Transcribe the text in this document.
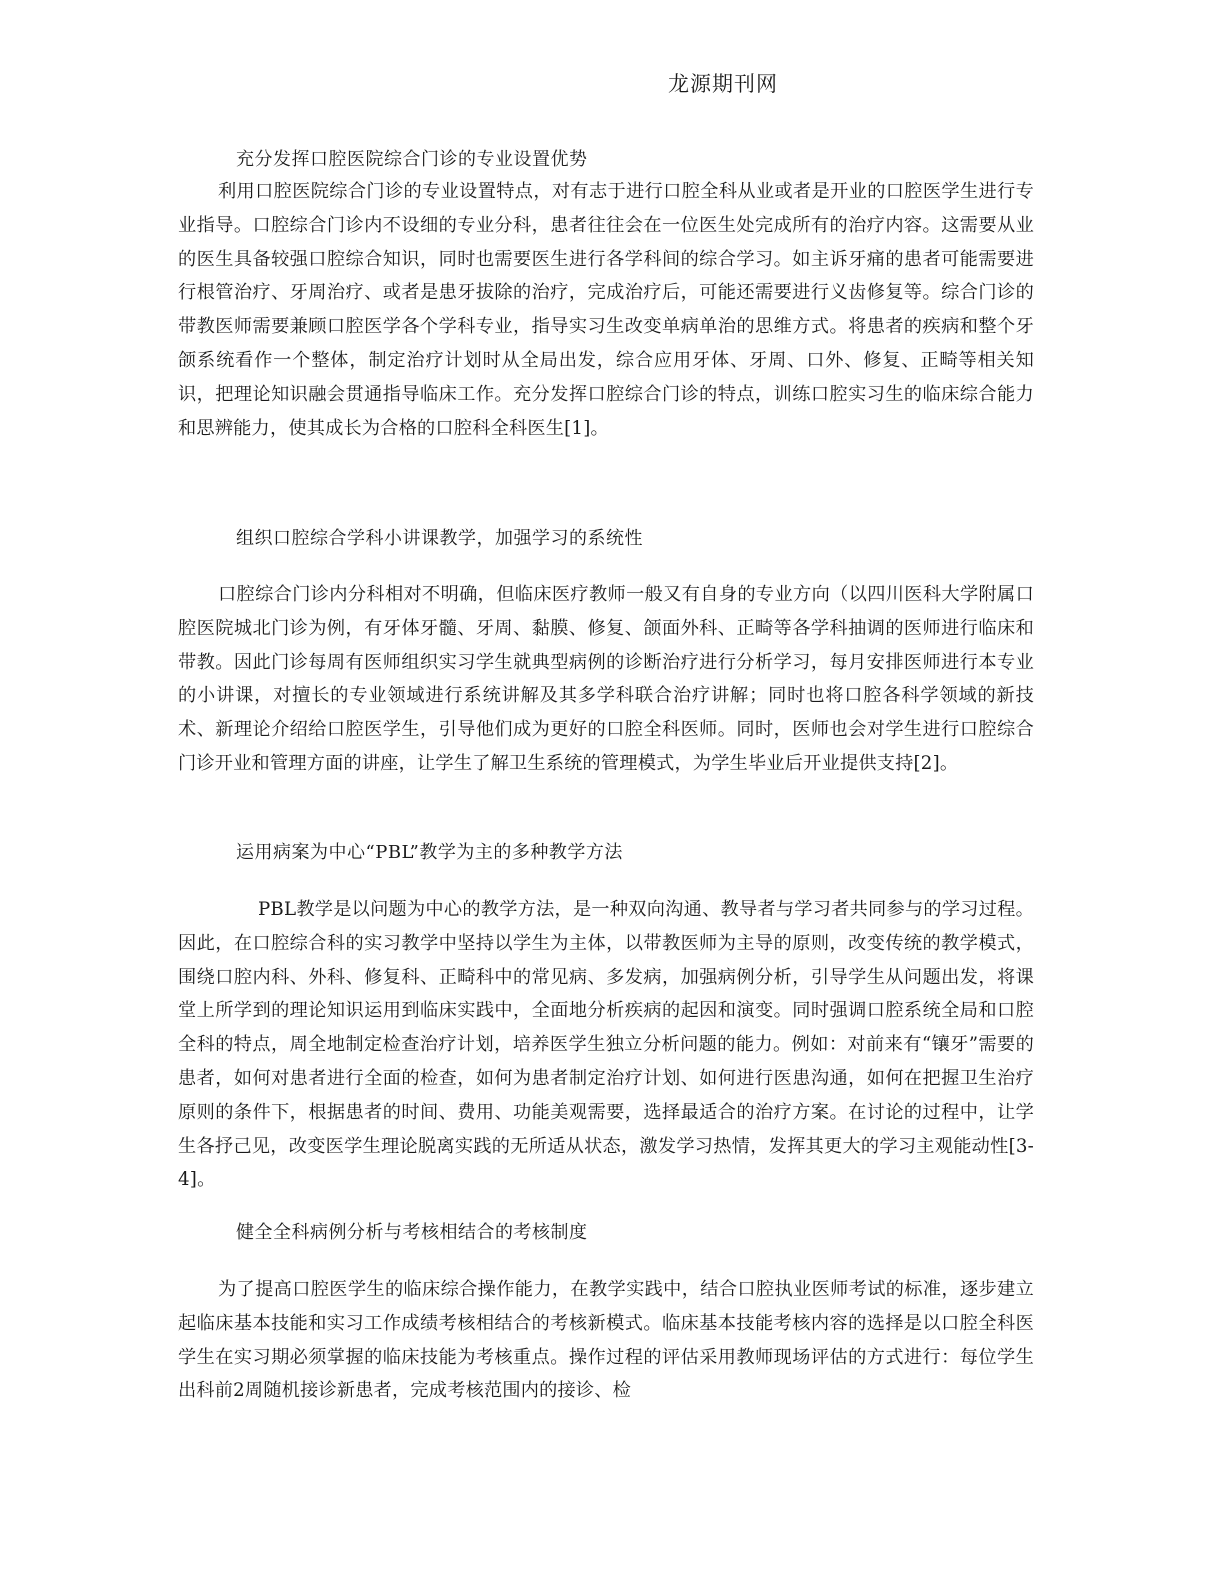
龙源期刊网
充分发挥口腔医院综合门诊的专业设置优势
利用口腔医院综合门诊的专业设置特点，对有志于进行口腔全科从业或者是开业的口腔医学生进行专业指导。口腔综合门诊内不设细的专业分科，患者往往会在一位医生处完成所有的治疗内容。这需要从业的医生具备较强口腔综合知识，同时也需要医生进行各学科间的综合学习。如主诉牙痛的患者可能需要进行根管治疗、牙周治疗、或者是患牙拔除的治疗，完成治疗后，可能还需要进行义齿修复等。综合门诊的带教医师需要兼顾口腔医学各个学科专业，指导实习生改变单病单治的思维方式。将患者的疾病和整个牙颌系统看作一个整体，制定治疗计划时从全局出发，综合应用牙体、牙周、口外、修复、正畸等相关知识，把理论知识融会贯通指导临床工作。充分发挥口腔综合门诊的特点，训练口腔实习生的临床综合能力和思辨能力，使其成长为合格的口腔科全科医生[1]。
组织口腔综合学科小讲课教学，加强学习的系统性
口腔综合门诊内分科相对不明确，但临床医疗教师一般又有自身的专业方向（以四川医科大学附属口腔医院城北门诊为例，有牙体牙髓、牙周、黏膜、修复、颌面外科、正畸等各学科抽调的医师进行临床和带教。因此门诊每周有医师组织实习学生就典型病例的诊断治疗进行分析学习，每月安排医师进行本专业的小讲课，对擅长的专业领域进行系统讲解及其多学科联合治疗讲解；同时也将口腔各科学领域的新技术、新理论介绍给口腔医学生，引导他们成为更好的口腔全科医师。同时，医师也会对学生进行口腔综合门诊开业和管理方面的讲座，让学生了解卫生系统的管理模式，为学生毕业后开业提供支持[2]。
运用病案为中心“PBL”教学为主的多种教学方法
PBL教学是以问题为中心的教学方法，是一种双向沟通、教导者与学习者共同参与的学习过程。因此，在口腔综合科的实习教学中坚持以学生为主体，以带教医师为主导的原则，改变传统的教学模式，围绕口腔内科、外科、修复科、正畸科中的常见病、多发病，加强病例分析，引导学生从问题出发，将课堂上所学到的理论知识运用到临床实践中，全面地分析疾病的起因和演变。同时强调口腔系统全局和口腔全科的特点，周全地制定检查治疗计划，培养医学生独立分析问题的能力。例如：对前来有“镶牙”需要的患者，如何对患者进行全面的检查，如何为患者制定治疗计划、如何进行医患沟通，如何在把握卫生治疗原则的条件下，根据患者的时间、费用、功能美观需要，选择最适合的治疗方案。在讨论的过程中，让学生各抒己见，改变医学生理论脱离实践的无所适从状态，激发学习热情，发挥其更大的学习主观能动性[3-4]。
健全全科病例分析与考核相结合的考核制度
为了提高口腔医学生的临床综合操作能力，在教学实践中，结合口腔执业医师考试的标准，逐步建立起临床基本技能和实习工作成绩考核相结合的考核新模式。临床基本技能考核内容的选择是以口腔全科医学生在实习期必须掌握的临床技能为考核重点。操作过程的评估采用教师现场评估的方式进行：每位学生出科前2周随机接诊新患者，完成考核范围内的接诊、检
